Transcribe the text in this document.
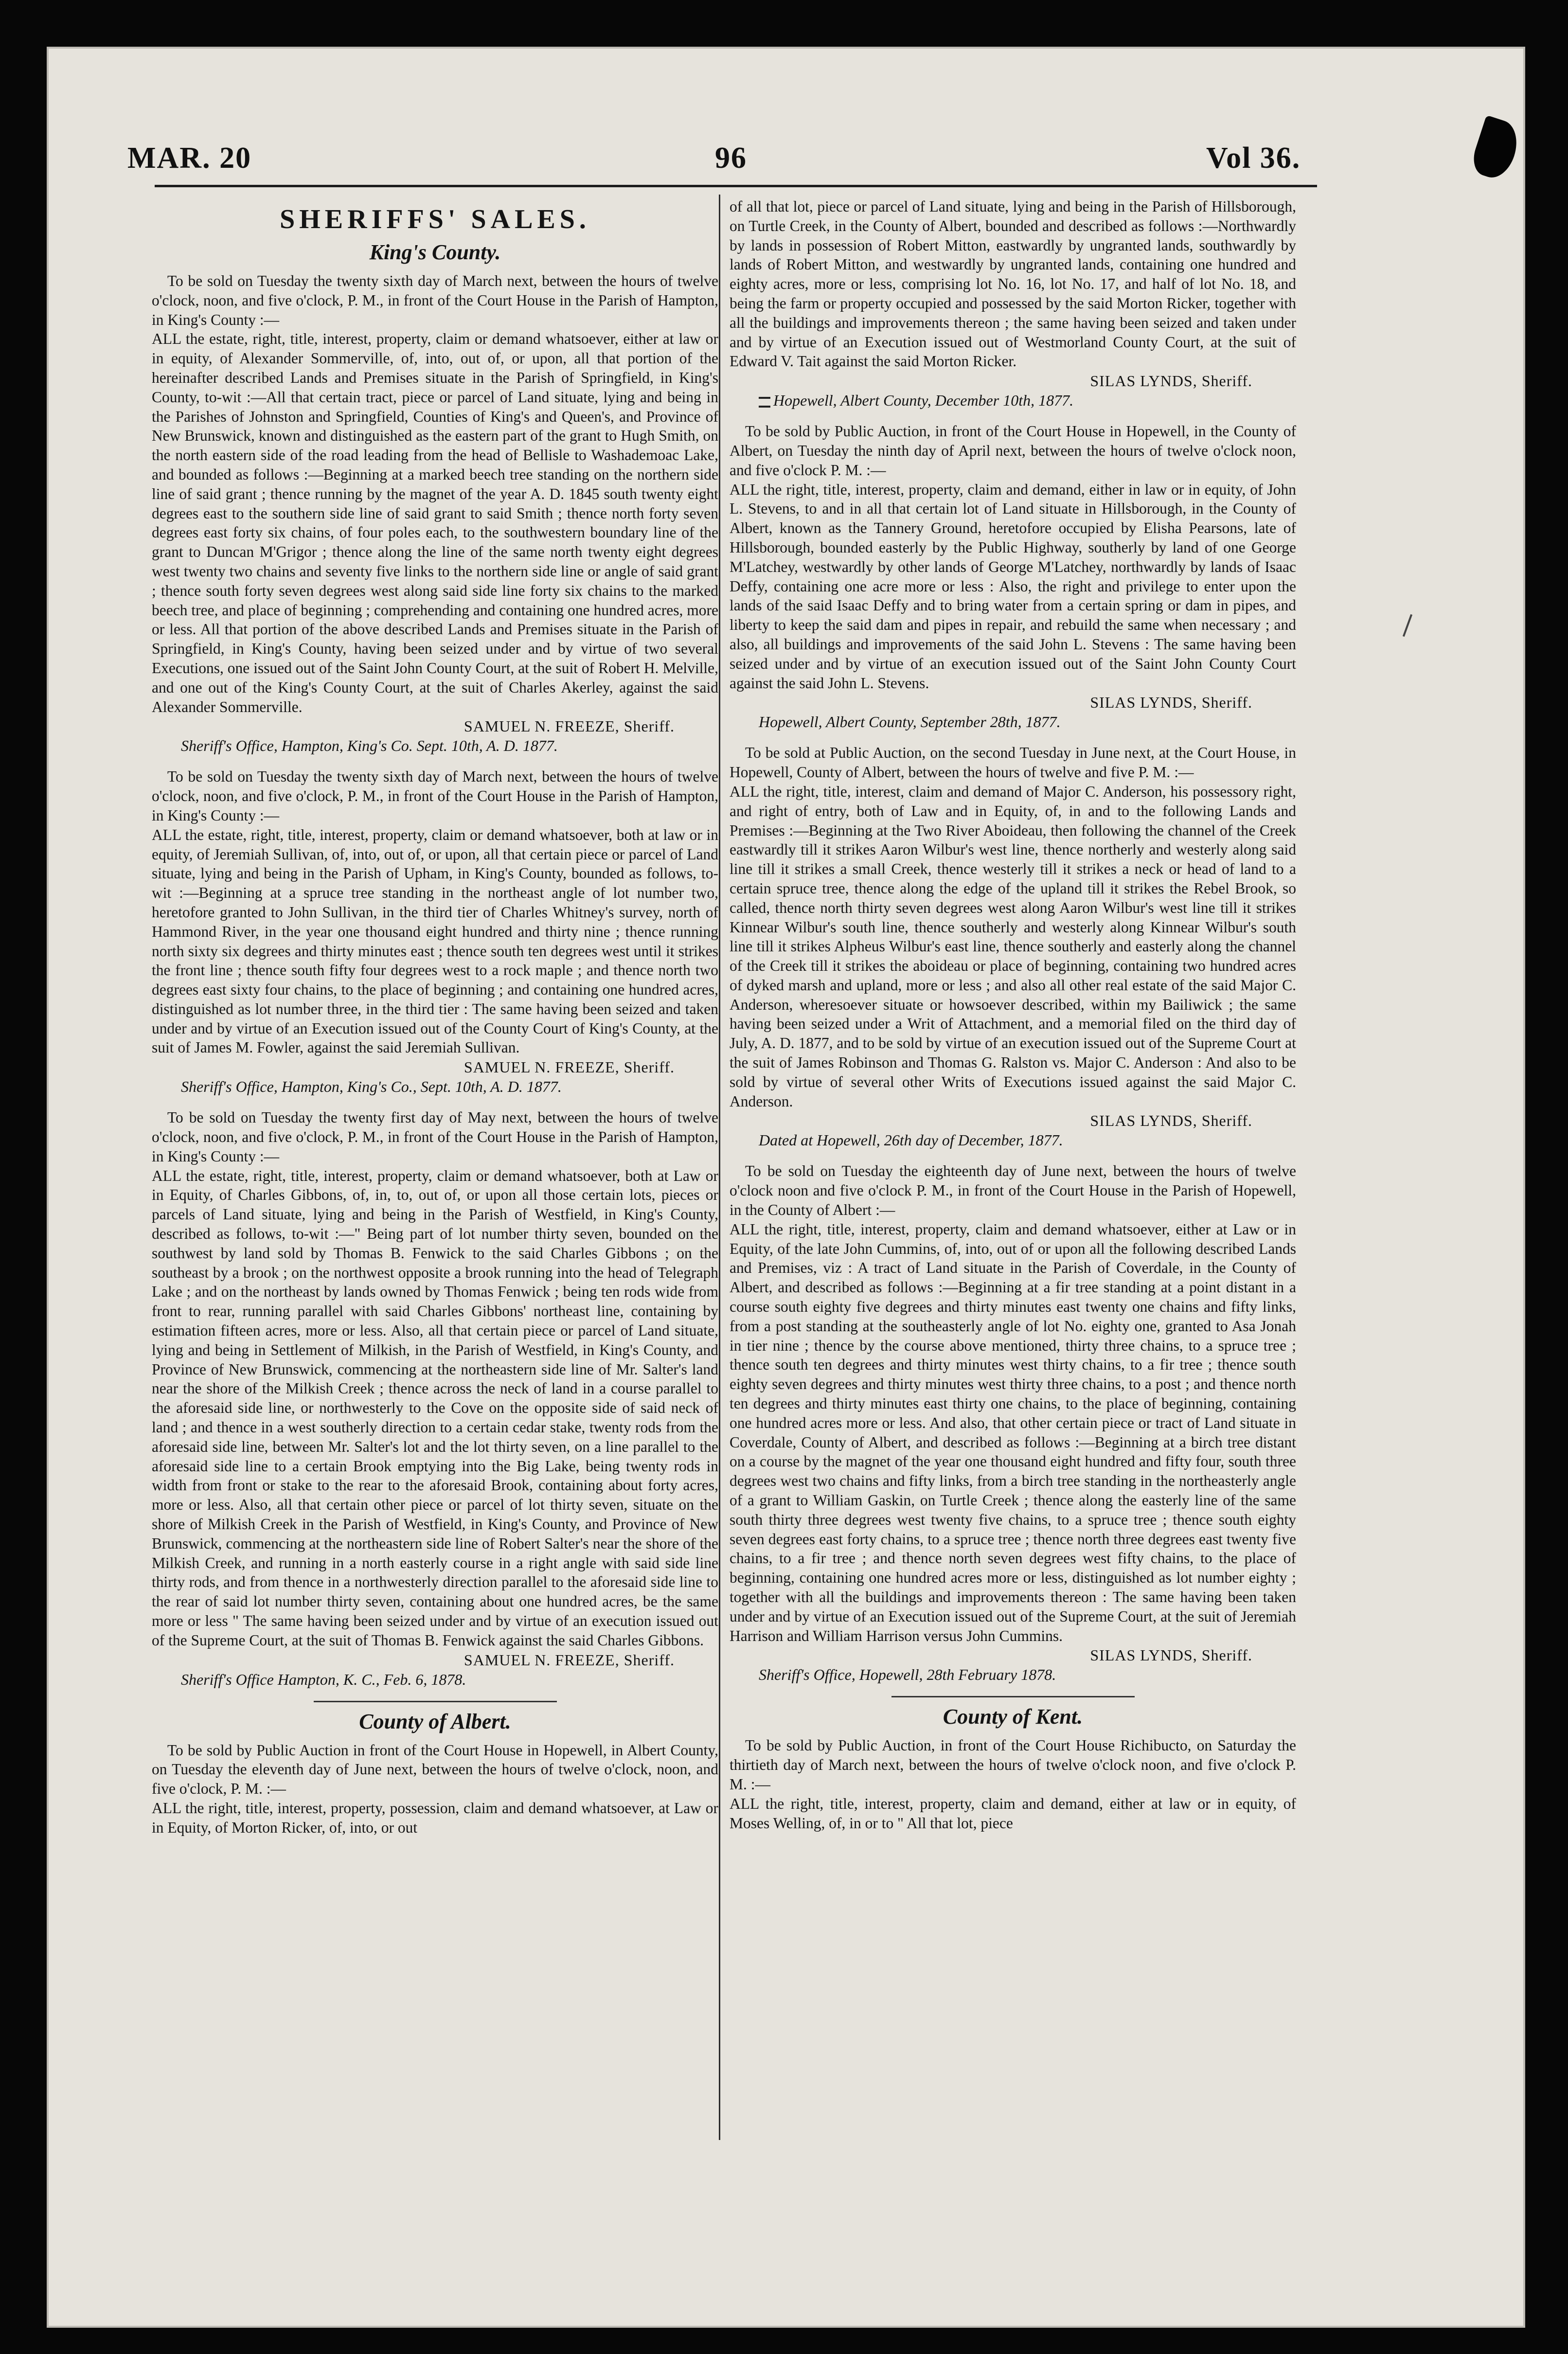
MAR. 20	96	Vol 36.
SHERIFFS' SALES.
King's County.

To be sold on Tuesday the twenty sixth day of March next, between the hours of twelve o'clock, noon, and five o'clock, P. M., in front of the Court House in the Parish of Hampton, in King's County :—

ALL the estate, right, title, interest, property, claim or demand whatsoever, either at law or in equity, of Alexander Sommerville, of, into, out of, or upon, all that portion of the hereinafter described Lands and Premises situate in the Parish of Springfield, in King's County, to-wit :—All that certain tract, piece or parcel of Land situate, lying and being in the Parishes of Johnston and Springfield, Counties of King's and Queen's, and Province of New Brunswick, known and distinguished as the eastern part of the grant to Hugh Smith, on the north eastern side of the road leading from the head of Bellisle to Washademoac Lake, and bounded as follows :—Beginning at a marked beech tree standing on the northern side line of said grant ; thence running by the magnet of the year A. D. 1845 south twenty eight degrees east to the southern side line of said grant to said Smith ; thence north forty seven degrees east forty six chains, of four poles each, to the southwestern boundary line of the grant to Duncan M'Grigor ; thence along the line of the same north twenty eight degrees west twenty two chains and seventy five links to the northern side line or angle of said grant ; thence south forty seven degrees west along said side line forty six chains to the marked beech tree, and place of beginning ; comprehending and containing one hundred acres, more or less. All that portion of the above described Lands and Premises situate in the Parish of Springfield, in King's County, having been seized under and by virtue of two several Executions, one issued out of the Saint John County Court, at the suit of Robert H. Melville, and one out of the King's County Court, at the suit of Charles Akerley, against the said Alexander Sommerville.

SAMUEL N. FREEZE, Sheriff.
Sheriff's Office, Hampton, King's Co. Sept. 10th, A. D. 1877.

To be sold on Tuesday the twenty sixth day of March next, between the hours of twelve o'clock, noon, and five o'clock, P. M., in front of the Court House in the Parish of Hampton, in King's County :—

ALL the estate, right, title, interest, property, claim or demand whatsoever, both at law or in equity, of Jeremiah Sullivan, of, into, out of, or upon, all that certain piece or parcel of Land situate, lying and being in the Parish of Upham, in King's County, bounded as follows, to-wit :—Beginning at a spruce tree standing in the northeast angle of lot number two, heretofore granted to John Sullivan, in the third tier of Charles Whitney's survey, north of Hammond River, in the year one thousand eight hundred and thirty nine ; thence running north sixty six degrees and thirty minutes east ; thence south ten degrees west until it strikes the front line ; thence south fifty four degrees west to a rock maple ; and thence north two degrees east sixty four chains, to the place of beginning ; and containing one hundred acres, distinguished as lot number three, in the third tier : The same having been seized and taken under and by virtue of an Execution issued out of the County Court of King's County, at the suit of James M. Fowler, against the said Jeremiah Sullivan.

SAMUEL N. FREEZE, Sheriff.
Sheriff's Office, Hampton, King's Co., Sept. 10th, A. D. 1877.

To be sold on Tuesday the twenty first day of May next, between the hours of twelve o'clock, noon, and five o'clock, P. M., in front of the Court House in the Parish of Hampton, in King's County :—

ALL the estate, right, title, interest, property, claim or demand whatsoever, both at Law or in Equity, of Charles Gibbons, of, in, to, out of, or upon all those certain lots, pieces or parcels of Land situate, lying and being in the Parish of Westfield, in King's County, described as follows, to-wit :—" Being part of lot number thirty seven, bounded on the southwest by land sold by Thomas B. Fenwick to the said Charles Gibbons ; on the southeast by a brook ; on the northwest opposite a brook running into the head of Telegraph Lake ; and on the northeast by lands owned by Thomas Fenwick ; being ten rods wide from front to rear, running parallel with said Charles Gibbons' northeast line, containing by estimation fifteen acres, more or less. Also, all that certain piece or parcel of Land situate, lying and being in Settlement of Milkish, in the Parish of Westfield, in King's County, and Province of New Brunswick, commencing at the northeastern side line of Mr. Salter's land near the shore of the Milkish Creek ; thence across the neck of land in a course parallel to the aforesaid side line, or northwesterly to the Cove on the opposite side of said neck of land ; and thence in a west southerly direction to a certain cedar stake, twenty rods from the aforesaid side line, between Mr. Salter's lot and the lot thirty seven, on a line parallel to the aforesaid side line to a certain Brook emptying into the Big Lake, being twenty rods in width from front or stake to the rear to the aforesaid Brook, containing about forty acres, more or less. Also, all that certain other piece or parcel of lot thirty seven, situate on the shore of Milkish Creek in the Parish of Westfield, in King's County, and Province of New Brunswick, commencing at the northeastern side line of Robert Salter's near the shore of the Milkish Creek, and running in a north easterly course in a right angle with said side line thirty rods, and from thence in a northwesterly direction parallel to the aforesaid side line to the rear of said lot number thirty seven, containing about one hundred acres, be the same more or less " The same having been seized under and by virtue of an execution issued out of the Supreme Court, at the suit of Thomas B. Fenwick against the said Charles Gibbons.

SAMUEL N. FREEZE, Sheriff.
Sheriff's Office Hampton, K. C., Feb. 6, 1878.
County of Albert.

To be sold by Public Auction in front of the Court House in Hopewell, in Albert County, on Tuesday the eleventh day of June next, between the hours of twelve o'clock, noon, and five o'clock, P. M. :—

ALL the right, title, interest, property, possession, claim and demand whatsoever, at Law or in Equity, of Morton Ricker, of, into, or out

of all that lot, piece or parcel of Land situate, lying and being in the Parish of Hillsborough, on Turtle Creek, in the County of Albert, bounded and described as follows :—Northwardly by lands in possession of Robert Mitton, eastwardly by ungranted lands, southwardly by lands of Robert Mitton, and westwardly by ungranted lands, containing one hundred and eighty acres, more or less, comprising lot No. 16, lot No. 17, and half of lot No. 18, and being the farm or property occupied and possessed by the said Morton Ricker, together with all the buildings and improvements thereon ; the same having been seized and taken under and by virtue of an Execution issued out of Westmorland County Court, at the suit of Edward V. Tait against the said Morton Ricker.

SILAS LYNDS, Sheriff.
Hopewell, Albert County, December 10th, 1877.

To be sold by Public Auction, in front of the Court House in Hopewell, in the County of Albert, on Tuesday the ninth day of April next, between the hours of twelve o'clock noon, and five o'clock P. M. :—

ALL the right, title, interest, property, claim and demand, either in law or in equity, of John L. Stevens, to and in all that certain lot of Land situate in Hillsborough, in the County of Albert, known as the Tannery Ground, heretofore occupied by Elisha Pearsons, late of Hillsborough, bounded easterly by the Public Highway, southerly by land of one George M'Latchey, westwardly by other lands of George M'Latchey, northwardly by lands of Isaac Deffy, containing one acre more or less : Also, the right and privilege to enter upon the lands of the said Isaac Deffy and to bring water from a certain spring or dam in pipes, and liberty to keep the said dam and pipes in repair, and rebuild the same when necessary ; and also, all buildings and improvements of the said John L. Stevens : The same having been seized under and by virtue of an execution issued out of the Saint John County Court against the said John L. Stevens.

SILAS LYNDS, Sheriff.
Hopewell, Albert County, September 28th, 1877.

To be sold at Public Auction, on the second Tuesday in June next, at the Court House, in Hopewell, County of Albert, between the hours of twelve and five P. M. :—

ALL the right, title, interest, claim and demand of Major C. Anderson, his possessory right, and right of entry, both of Law and in Equity, of, in and to the following Lands and Premises :—Beginning at the Two River Aboideau, then following the channel of the Creek eastwardly till it strikes Aaron Wilbur's west line, thence northerly and westerly along said line till it strikes a small Creek, thence westerly till it strikes a neck or head of land to a certain spruce tree, thence along the edge of the upland till it strikes the Rebel Brook, so called, thence north thirty seven degrees west along Aaron Wilbur's west line till it strikes Kinnear Wilbur's south line, thence southerly and westerly along Kinnear Wilbur's south line till it strikes Alpheus Wilbur's east line, thence southerly and easterly along the channel of the Creek till it strikes the aboideau or place of beginning, containing two hundred acres of dyked marsh and upland, more or less ; and also all other real estate of the said Major C. Anderson, wheresoever situate or howsoever described, within my Bailiwick ; the same having been seized under a Writ of Attachment, and a memorial filed on the third day of July, A. D. 1877, and to be sold by virtue of an execution issued out of the Supreme Court at the suit of James Robinson and Thomas G. Ralston vs. Major C. Anderson : And also to be sold by virtue of several other Writs of Executions issued against the said Major C. Anderson.

SILAS LYNDS, Sheriff.
Dated at Hopewell, 26th day of December, 1877.

To be sold on Tuesday the eighteenth day of June next, between the hours of twelve o'clock noon and five o'clock P. M., in front of the Court House in the Parish of Hopewell, in the County of Albert :—

ALL the right, title, interest, property, claim and demand whatsoever, either at Law or in Equity, of the late John Cummins, of, into, out of or upon all the following described Lands and Premises, viz : A tract of Land situate in the Parish of Coverdale, in the County of Albert, and described as follows :—Beginning at a fir tree standing at a point distant in a course south eighty five degrees and thirty minutes east twenty one chains and fifty links, from a post standing at the southeasterly angle of lot No. eighty one, granted to Asa Jonah in tier nine ; thence by the course above mentioned, thirty three chains, to a spruce tree ; thence south ten degrees and thirty minutes west thirty chains, to a fir tree ; thence south eighty seven degrees and thirty minutes west thirty three chains, to a post ; and thence north ten degrees and thirty minutes east thirty one chains, to the place of beginning, containing one hundred acres more or less. And also, that other certain piece or tract of Land situate in Coverdale, County of Albert, and described as follows :—Beginning at a birch tree distant on a course by the magnet of the year one thousand eight hundred and fifty four, south three degrees west two chains and fifty links, from a birch tree standing in the northeasterly angle of a grant to William Gaskin, on Turtle Creek ; thence along the easterly line of the same south thirty three degrees west twenty five chains, to a spruce tree ; thence south eighty seven degrees east forty chains, to a spruce tree ; thence north three degrees east twenty five chains, to a fir tree ; and thence north seven degrees west fifty chains, to the place of beginning, containing one hundred acres more or less, distinguished as lot number eighty ; together with all the buildings and improvements thereon : The same having been taken under and by virtue of an Execution issued out of the Supreme Court, at the suit of Jeremiah Harrison and William Harrison versus John Cummins.

SILAS LYNDS, Sheriff.
Sheriff's Office, Hopewell, 28th February 1878.
County of Kent.

To be sold by Public Auction, in front of the Court House Richibucto, on Saturday the thirtieth day of March next, between the hours of twelve o'clock noon, and five o'clock P. M. :—

ALL the right, title, interest, property, claim and demand, either at law or in equity, of Moses Welling, of, in or to " All that lot, piece
